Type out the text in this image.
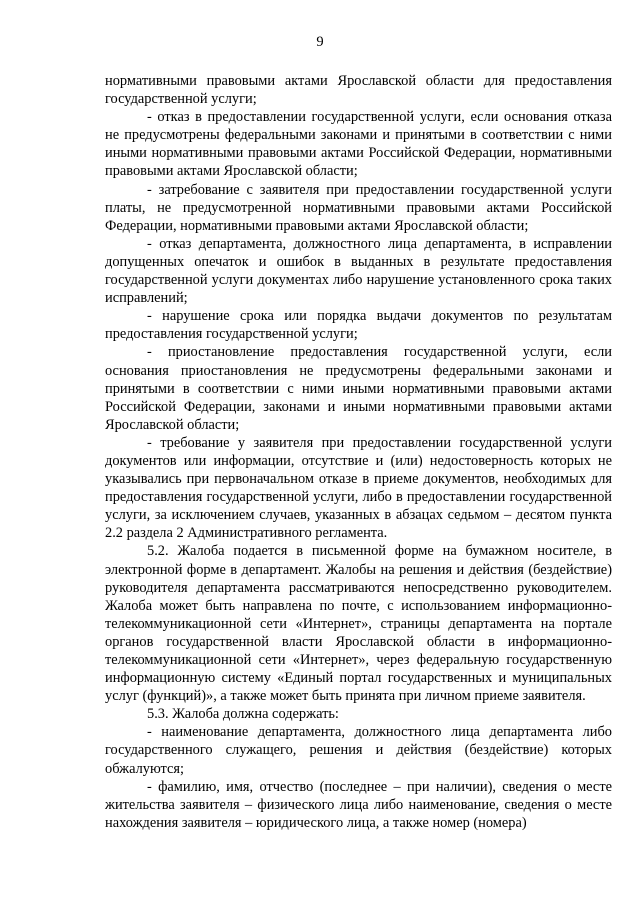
9

нормативными правовыми актами Ярославской области для предоставления государственной услуги;

- отказ в предоставлении государственной услуги, если основания отказа не предусмотрены федеральными законами и принятыми в соответствии с ними иными нормативными правовыми актами Российской Федерации, нормативными правовыми актами Ярославской области;

- затребование с заявителя при предоставлении государственной услуги платы, не предусмотренной нормативными правовыми актами Российской Федерации, нормативными правовыми актами Ярославской области;

- отказ департамента, должностного лица департамента, в исправлении допущенных опечаток и ошибок в выданных в результате предоставления государственной услуги документах либо нарушение установленного срока таких исправлений;

- нарушение срока или порядка выдачи документов по результатам предоставления государственной услуги;

- приостановление предоставления государственной услуги, если основания приостановления не предусмотрены федеральными законами и принятыми в соответствии с ними иными нормативными правовыми актами Российской Федерации, законами и иными нормативными правовыми актами Ярославской области;

- требование у заявителя при предоставлении государственной услуги документов или информации, отсутствие и (или) недостоверность которых не указывались при первоначальном отказе в приеме документов, необходимых для предоставления государственной услуги, либо в предоставлении государственной услуги, за исключением случаев, указанных в абзацах седьмом – десятом пункта 2.2 раздела 2 Административного регламента.

5.2. Жалоба подается в письменной форме на бумажном носителе, в электронной форме в департамент. Жалобы на решения и действия (бездействие) руководителя департамента рассматриваются непосредственно руководителем. Жалоба может быть направлена по почте, с использованием информационно-телекоммуникационной сети «Интернет», страницы департамента на портале органов государственной власти Ярославской области в информационно-телекоммуникационной сети «Интернет», через федеральную государственную информационную систему «Единый портал государственных и муниципальных услуг (функций)», а также может быть принята при личном приеме заявителя.

5.3. Жалоба должна содержать:

- наименование департамента, должностного лица департамента либо государственного служащего, решения и действия (бездействие) которых обжалуются;

- фамилию, имя, отчество (последнее – при наличии), сведения о месте жительства заявителя – физического лица либо наименование, сведения о месте нахождения заявителя – юридического лица, а также номер (номера)
